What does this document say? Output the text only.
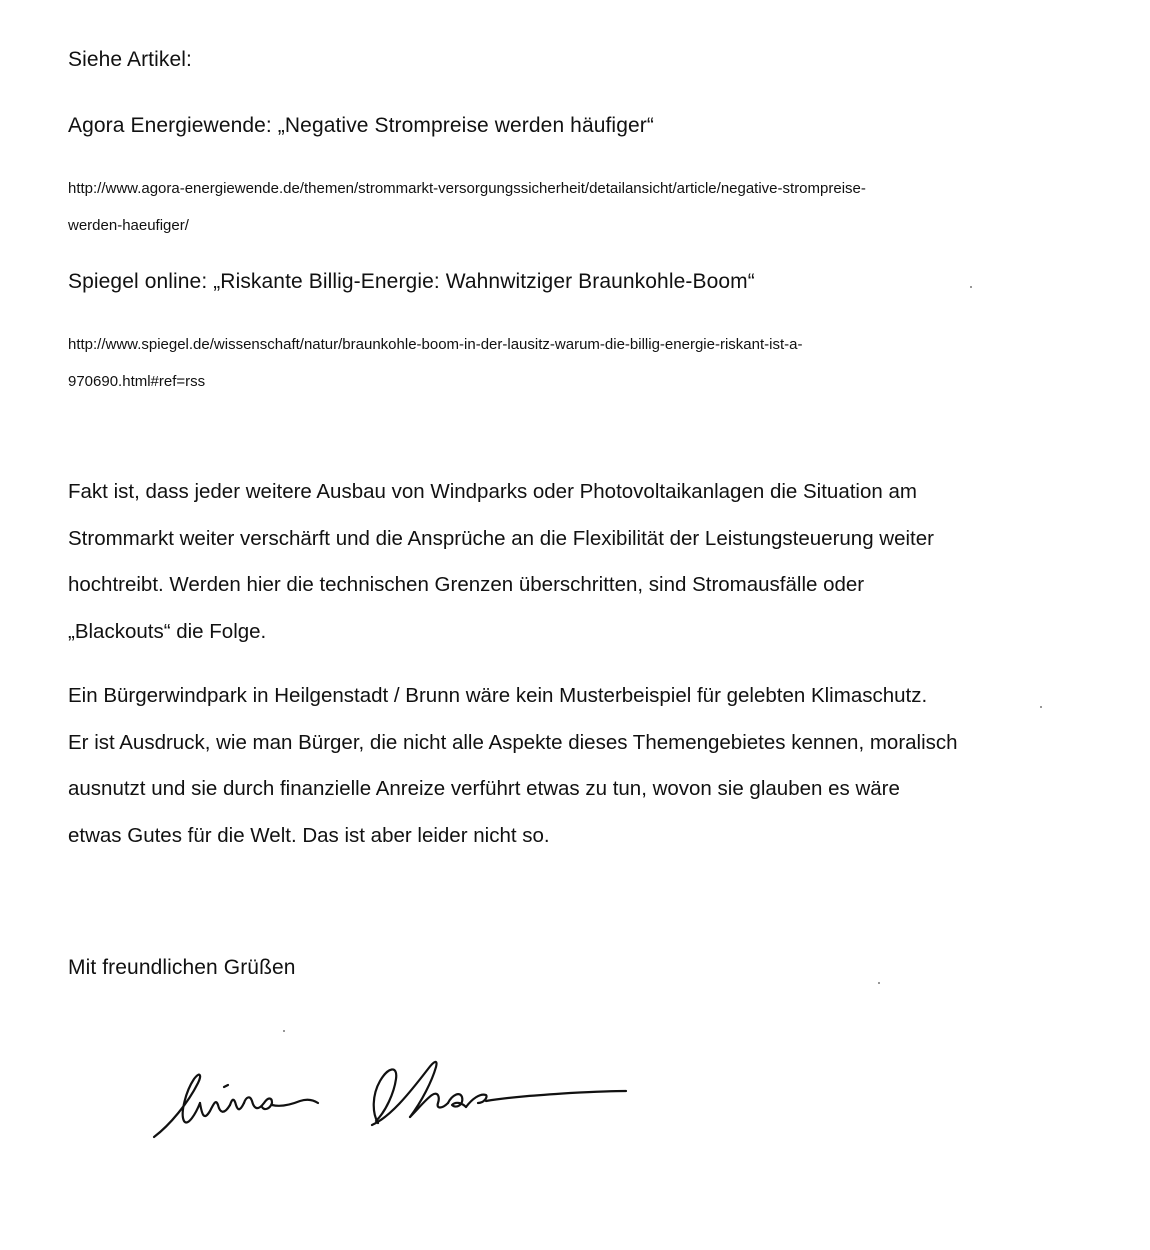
Siehe Artikel:

Agora Energiewende: „Negative Strompreise werden häufiger“

http://www.agora-energiewende.de/themen/strommarkt-versorgungssicherheit/detailansicht/article/negative-strompreise-
werden-haeufiger/

Spiegel online: „Riskante Billig-Energie: Wahnwitziger Braunkohle-Boom“

http://www.spiegel.de/wissenschaft/natur/braunkohle-boom-in-der-lausitz-warum-die-billig-energie-riskant-ist-a-
970690.html#ref=rss

Fakt ist, dass jeder weitere Ausbau von Windparks oder Photovoltaikanlagen die Situation am
Strommarkt weiter verschärft und die Ansprüche an die Flexibilität der Leistungsteuerung weiter
hochtreibt. Werden hier die technischen Grenzen überschritten, sind Stromausfälle oder
„Blackouts“ die Folge.

Ein Bürgerwindpark in Heilgenstadt / Brunn wäre kein Musterbeispiel für gelebten Klimaschutz.
Er ist Ausdruck, wie man Bürger, die nicht alle Aspekte dieses Themengebietes kennen, moralisch
ausnutzt und sie durch finanzielle Anreize verführt etwas zu tun, wovon sie glauben es wäre
etwas Gutes für die Welt. Das ist aber leider nicht so.

Mit freundlichen Grüßen
